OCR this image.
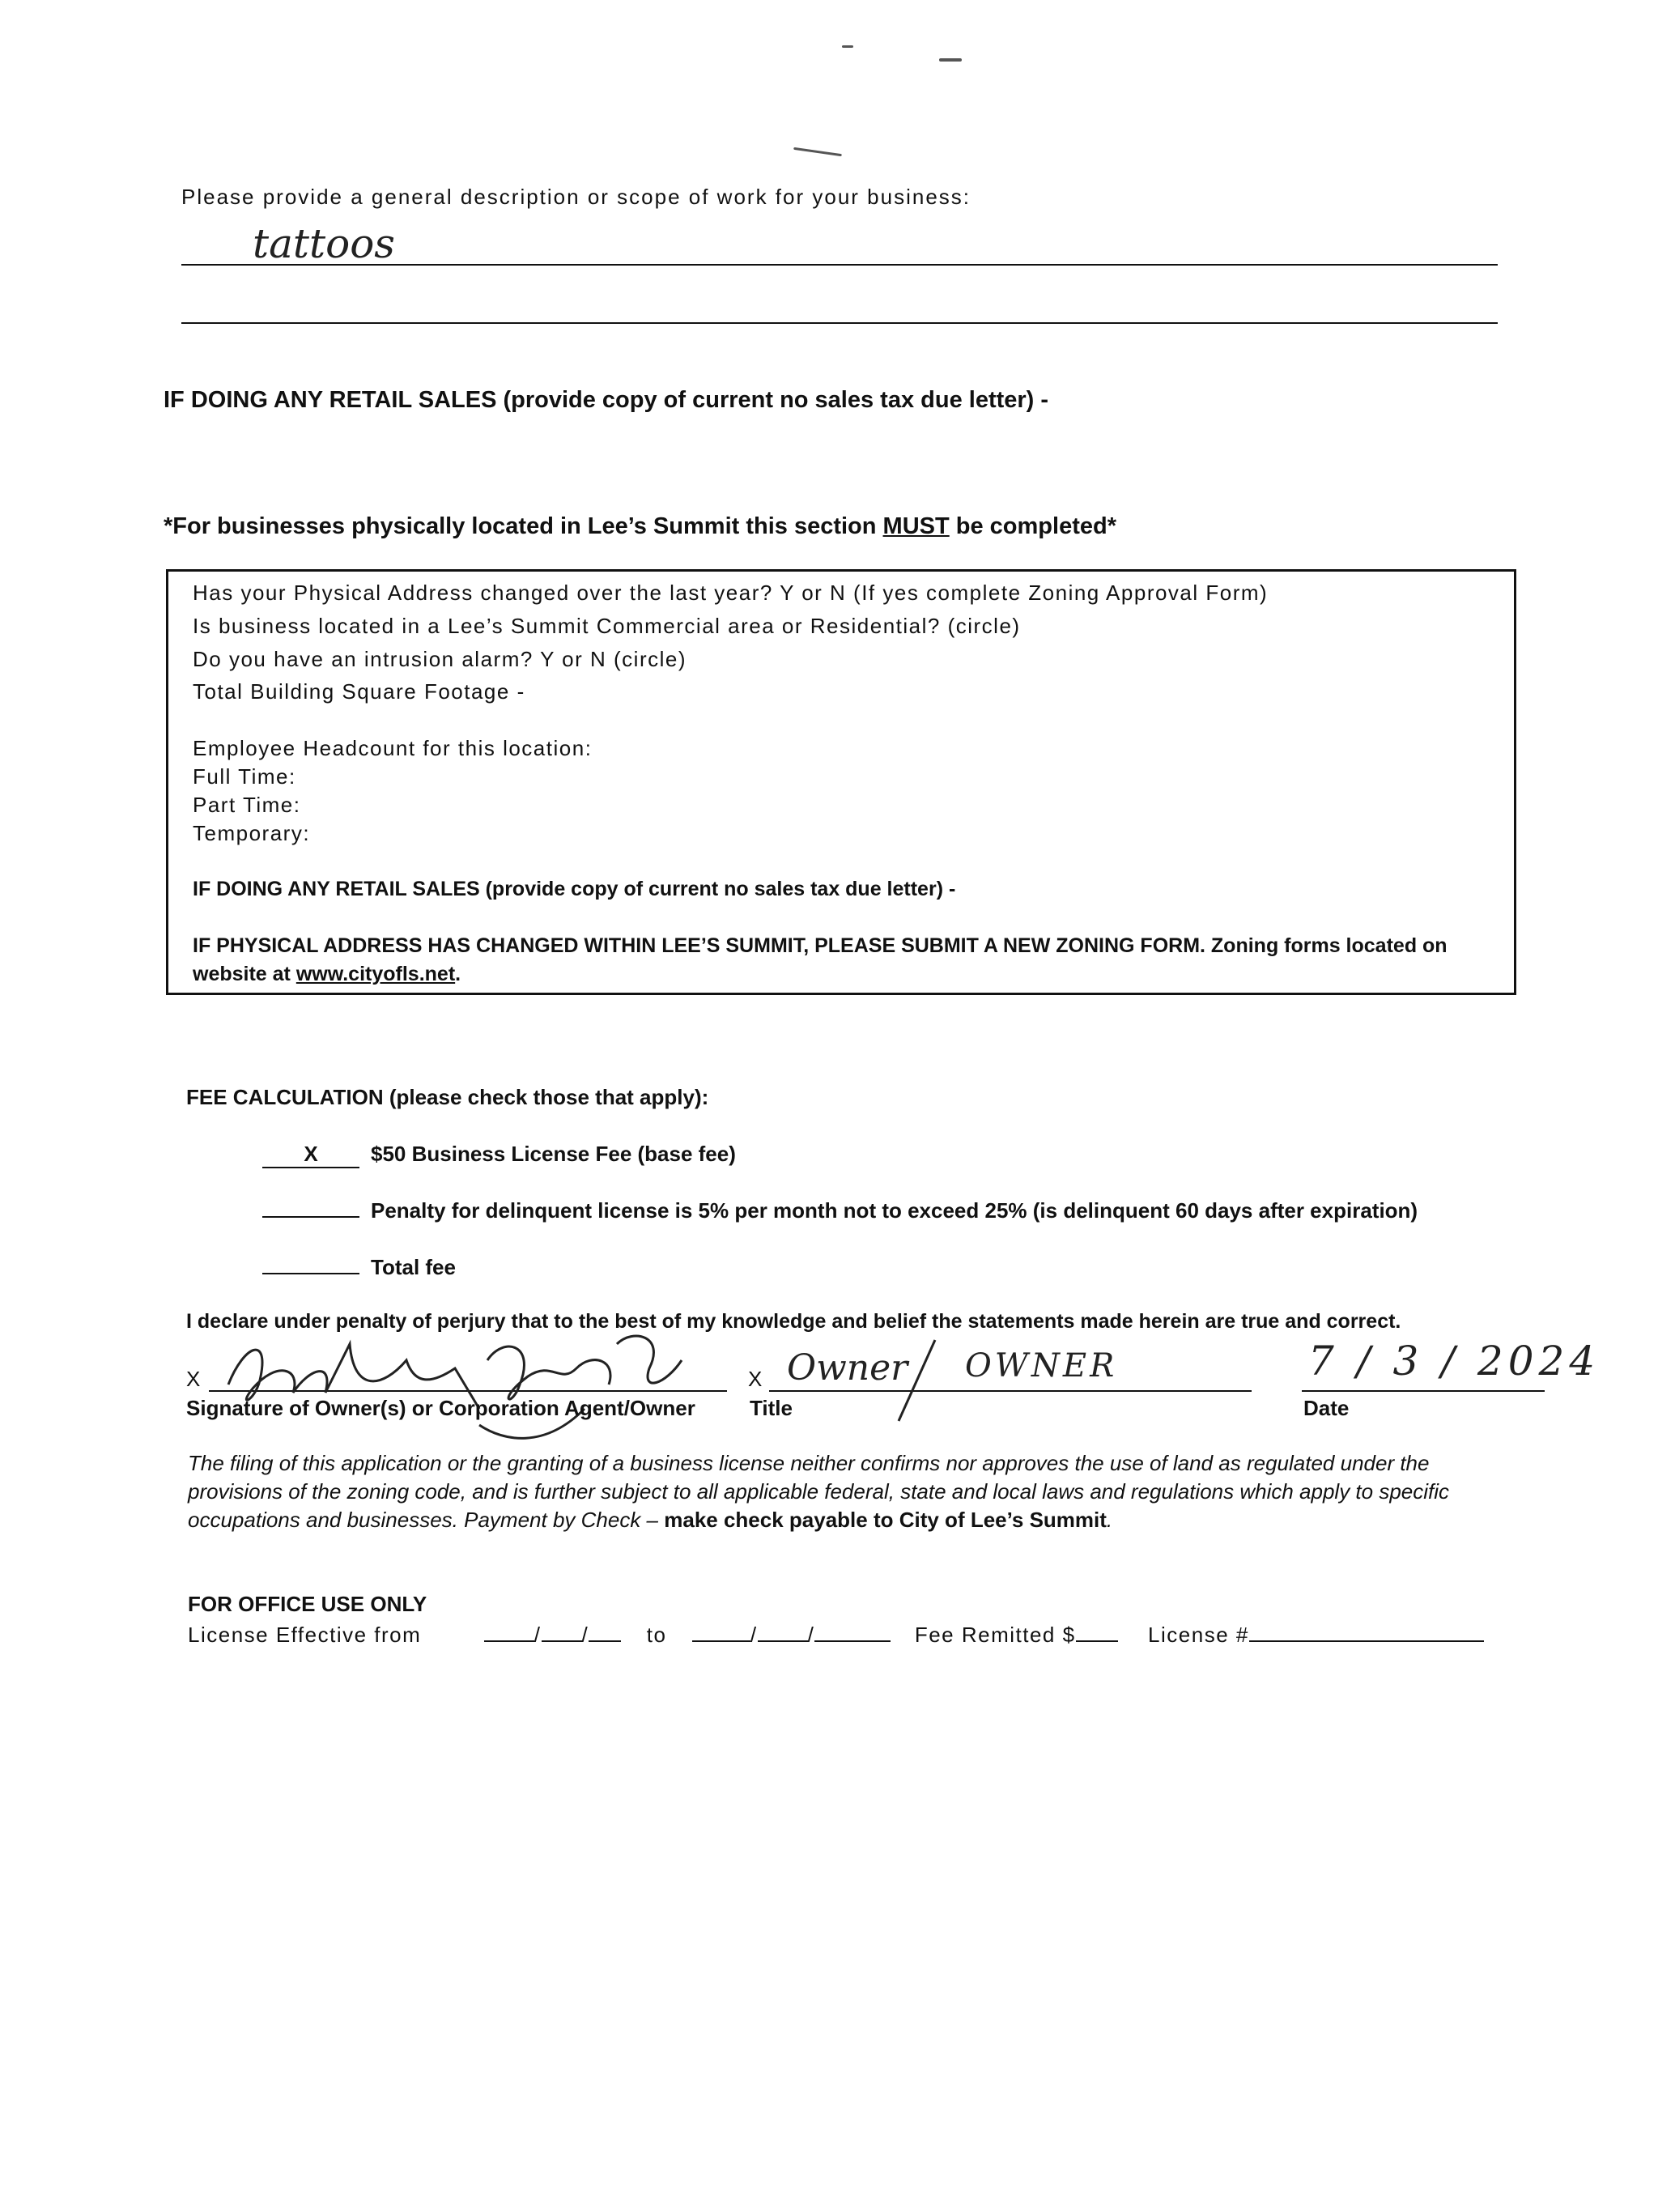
Please provide a general description or scope of work for your business:
tattoos
IF DOING ANY RETAIL SALES (provide copy of current no sales tax due letter) -
*For businesses physically located in Lee’s Summit this section MUST be completed*
Has your Physical Address changed over the last year? Y or N (If yes complete Zoning Approval Form)
Is business located in a Lee’s Summit Commercial area or Residential? (circle)
Do you have an intrusion alarm? Y or N (circle)
Total Building Square Footage -
Employee Headcount for this location:
Full Time:
Part Time:
Temporary:
IF DOING ANY RETAIL SALES (provide copy of current no sales tax due letter) -
IF PHYSICAL ADDRESS HAS CHANGED WITHIN LEE’S SUMMIT, PLEASE SUBMIT A NEW ZONING FORM. Zoning forms located on
website at www.cityofls.net.
FEE CALCULATION (please check those that apply):
X	$50 Business License Fee (base fee)
Penalty for delinquent license is 5% per month not to exceed 25% (is delinquent 60 days after expiration)
Total fee
I declare under penalty of perjury that to the best of my knowledge and belief the statements made herein are true and correct.
X	X Owner OWNER	7 / 3 / 2024
Signature of Owner(s) or Corporation Agent/Owner	Title	Date
The filing of this application or the granting of a business license neither confirms nor approves the use of land as regulated under the provisions of the zoning code, and is further subject to all applicable federal, state and local laws and regulations which apply to specific occupations and businesses. Payment by Check – make check payable to City of Lee’s Summit.
FOR OFFICE USE ONLY
License Effective from	/ /	to	/ /	Fee Remitted $	License #
